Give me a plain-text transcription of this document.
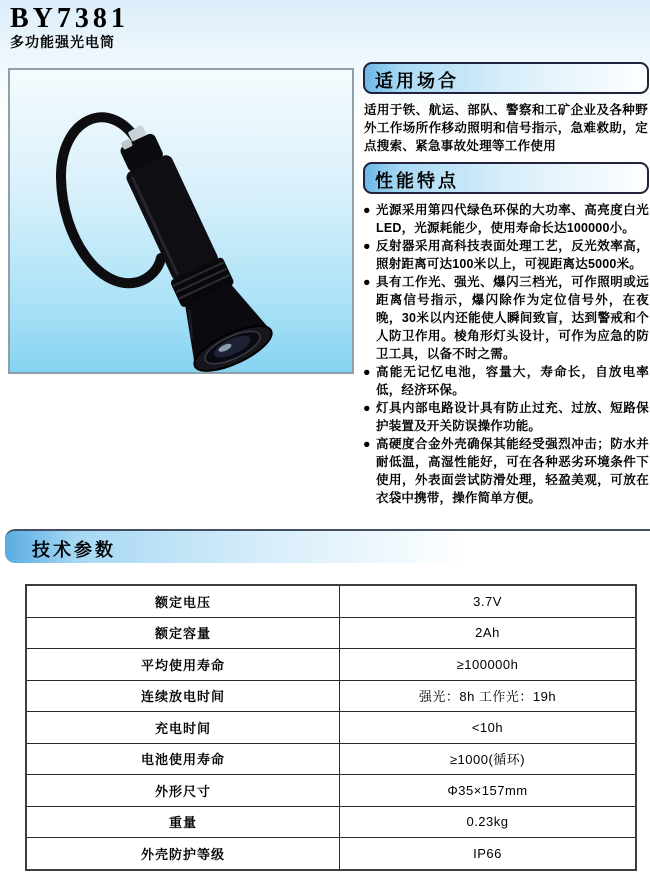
BY7381
多功能强光电筒
适用场合
适用于铁、航运、部队、警察和工矿企业及各种野外工作场所作移动照明和信号指示，急难救助，定点搜索、紧急事故处理等工作使用
性能特点
● 光源采用第四代绿色环保的大功率、高亮度白光LED，光源耗能少，使用寿命长达100000小。
● 反射器采用高科技表面处理工艺，反光效率高，照射距离可达100米以上，可视距离达5000米。
● 具有工作光、强光、爆闪三档光，可作照明或远距离信号指示，爆闪除作为定位信号外，在夜晚，30米以内还能使人瞬间致盲，达到警戒和个人防卫作用。棱角形灯头设计，可作为应急的防卫工具，以备不时之需。
● 高能无记忆电池，容量大，寿命长，自放电率低，经济环保。
● 灯具内部电路设计具有防止过充、过放、短路保护装置及开关防误操作功能。
● 高硬度合金外壳确保其能经受强烈冲击；防水并耐低温，高湿性能好，可在各种恶劣环境条件下使用，外表面尝试防滑处理，轻盈美观，可放在衣袋中携带，操作简单方便。
技术参数
额定电压	3.7V
额定容量	2Ah
平均使用寿命	≥100000h
连续放电时间	强光：8h 工作光：19h
充电时间	<10h
电池使用寿命	≥1000(循环)
外形尺寸	Φ35×157mm
重量	0.23kg
外壳防护等级	IP66
